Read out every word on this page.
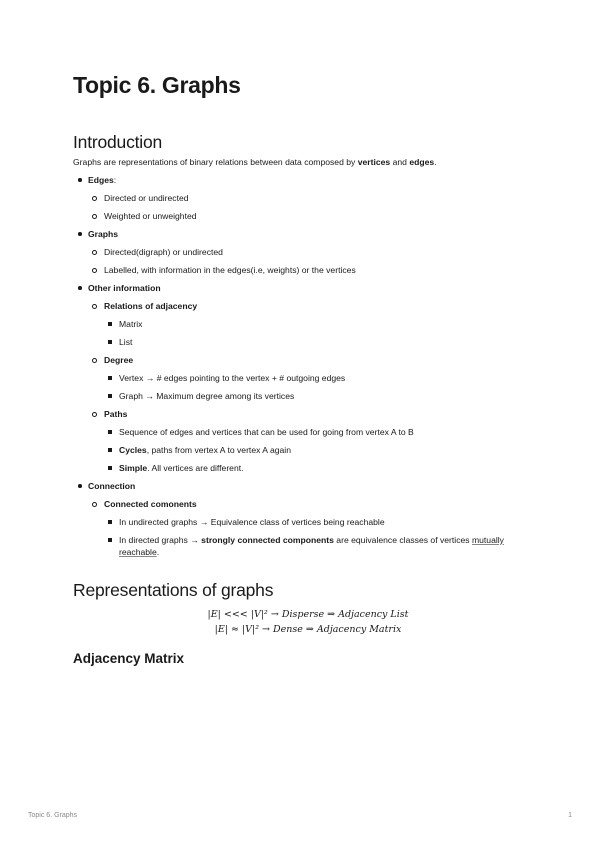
Topic 6. Graphs
Introduction
Graphs are representations of binary relations between data composed by vertices and edges.
Edges:
Directed or undirected
Weighted or unweighted
Graphs
Directed(digraph) or undirected
Labelled, with information in the edges(i.e, weights) or the vertices
Other information
Relations of adjacency
Matrix
List
Degree
Vertex → # edges pointing to the vertex + # outgoing edges
Graph → Maximum degree among its vertices
Paths
Sequence of edges and vertices that can be used for going from vertex A to B
Cycles, paths from vertex A to vertex A again
Simple. All vertices are different.
Connection
Connected comonents
In undirected graphs → Equivalence class of vertices being reachable
In directed graphs → strongly connected components are equivalence classes of vertices mutually reachable.
Representations of graphs
|E| <<< |V|² → Disperse ⇒ Adjacency List
|E| ≈ |V|² → Dense ⇒ Adjacency Matrix
Adjacency Matrix
Topic 6. Graphs	1
